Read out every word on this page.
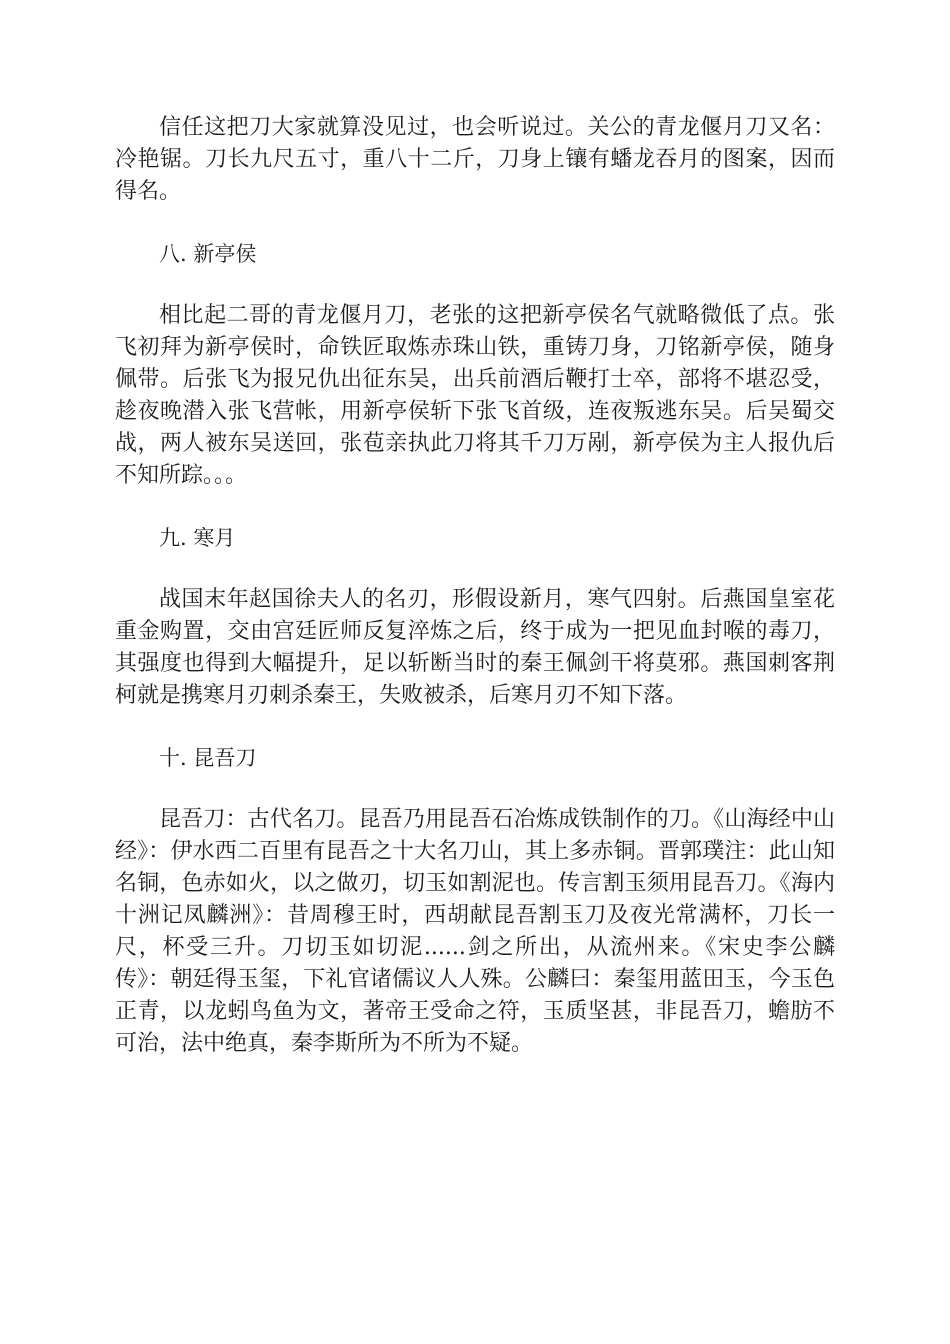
信任这把刀大家就算没见过，也会听说过。关公的青龙偃月刀又名：冷艳锯。刀长九尺五寸，重八十二斤，刀身上镶有蟠龙吞月的图案，因而得名。

八. 新亭侯

相比起二哥的青龙偃月刀，老张的这把新亭侯名气就略微低了点。张飞初拜为新亭侯时，命铁匠取炼赤珠山铁，重铸刀身，刀铭新亭侯，随身佩带。后张飞为报兄仇出征东吴，出兵前酒后鞭打士卒，部将不堪忍受，趁夜晚潜入张飞营帐，用新亭侯斩下张飞首级，连夜叛逃东吴。后吴蜀交战，两人被东吴送回，张苞亲执此刀将其千刀万剐，新亭侯为主人报仇后不知所踪。。。

九. 寒月

战国末年赵国徐夫人的名刃，形假设新月，寒气四射。后燕国皇室花重金购置，交由宫廷匠师反复淬炼之后，终于成为一把见血封喉的毒刀，其强度也得到大幅提升，足以斩断当时的秦王佩剑干将莫邪。燕国刺客荆柯就是携寒月刃刺杀秦王，失败被杀，后寒月刃不知下落。

十. 昆吾刀

昆吾刀：古代名刀。昆吾乃用昆吾石冶炼成铁制作的刀。《山海经中山经》：伊水西二百里有昆吾之十大名刀山，其上多赤铜。晋郭璞注：此山知名铜，色赤如火，以之做刃，切玉如割泥也。传言割玉须用昆吾刀。《海内十洲记凤麟洲》：昔周穆王时，西胡献昆吾割玉刀及夜光常满杯，刀长一尺，杯受三升。刀切玉如切泥......剑之所出，从流州来。《宋史李公麟传》：朝廷得玉玺，下礼官诸儒议人人殊。公麟曰：秦玺用蓝田玉，今玉色正青，以龙蚓鸟鱼为文，著帝王受命之符，玉质坚甚，非昆吾刀，蟾肪不可治，法中绝真，秦李斯所为不所为不疑。
